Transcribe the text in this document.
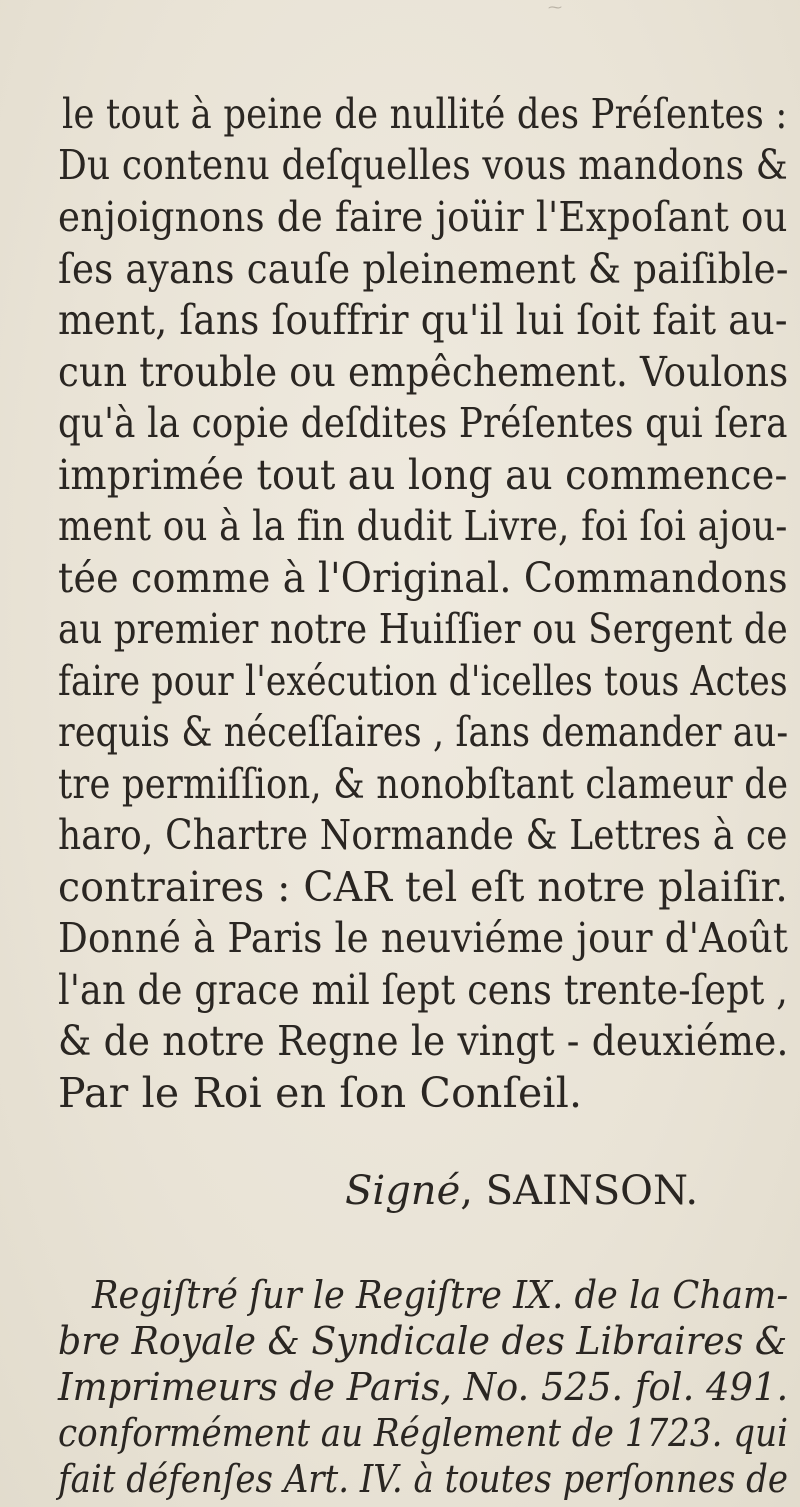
⁓
le tout à peine de nullité des Préſentes :
Du contenu deſquelles vous mandons &
enjoignons de faire joüir l'Expoſant ou
ſes ayans cauſe pleinement & paiſible-
ment, ſans ſouffrir qu'il lui ſoit fait au-
cun trouble ou empêchement. Voulons
qu'à la copie deſdites Préſentes qui ſera
imprimée tout au long au commence-
ment ou à la fin dudit Livre, foi ſoi ajou-
tée comme à l'Original. Commandons
au premier notre Huiſſier ou Sergent de
faire pour l'exécution d'icelles tous Actes
requis & néceſſaires , ſans demander au-
tre permiſſion, & nonobſtant clameur de
haro, Chartre Normande & Lettres à ce
contraires : CAR tel eſt notre plaiſir.
Donné à Paris le neuviéme jour d'Août
l'an de grace mil ſept cens trente-ſept ,
& de notre Regne le vingt - deuxiéme.
Par le Roi en ſon Conſeil.
Signé, SAINSON.
Regiſtré ſur le Regiſtre IX. de la Cham-
bre Royale & Syndicale des Libraires &
Imprimeurs de Paris, No. 525. fol. 491.
conformément au Réglement de 1723. qui
fait défenſes Art. IV. à toutes perſonnes de
